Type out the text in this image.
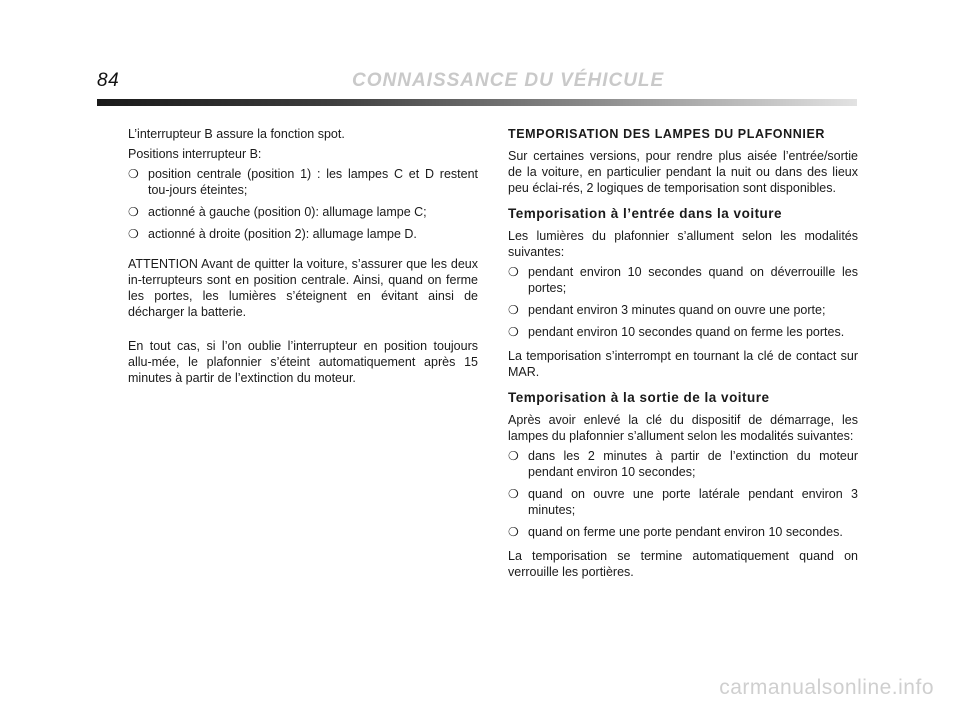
84	CONNAISSANCE DU VÉHICULE

L’interrupteur B assure la fonction spot.

Positions interrupteur B:

❍ position centrale (position 1) : les lampes C et D restent tou-jours éteintes;
❍ actionné à gauche (position 0): allumage lampe C;
❍ actionné à droite (position 2): allumage lampe D.

ATTENTION Avant de quitter la voiture, s’assurer que les deux in-terrupteurs sont en position centrale. Ainsi, quand on ferme les portes, les lumières s’éteignent en évitant ainsi de décharger la batterie.

En tout cas, si l’on oublie l’interrupteur en position toujours allu-mée, le plafonnier s’éteint automatiquement après 15 minutes à partir de l’extinction du moteur.

TEMPORISATION DES LAMPES DU PLAFONNIER

Sur certaines versions, pour rendre plus aisée l’entrée/sortie de la voiture, en particulier pendant la nuit ou dans des lieux peu éclai-rés, 2 logiques de temporisation sont disponibles.

Temporisation à l’entrée dans la voiture

Les lumières du plafonnier s’allument selon les modalités suivantes:

❍ pendant environ 10 secondes quand on déverrouille les portes;
❍ pendant environ 3 minutes quand on ouvre une porte;
❍ pendant environ 10 secondes quand on ferme les portes.

La temporisation s’interrompt en tournant la clé de contact sur MAR.

Temporisation à la sortie de la voiture

Après avoir enlevé la clé du dispositif de démarrage, les lampes du plafonnier s’allument selon les modalités suivantes:

❍ dans les 2 minutes à partir de l’extinction du moteur pendant environ 10 secondes;
❍ quand on ouvre une porte latérale pendant environ 3 minutes;
❍ quand on ferme une porte pendant environ 10 secondes.

La temporisation se termine automatiquement quand on verrouille les portières.

carmanualsonline.info
